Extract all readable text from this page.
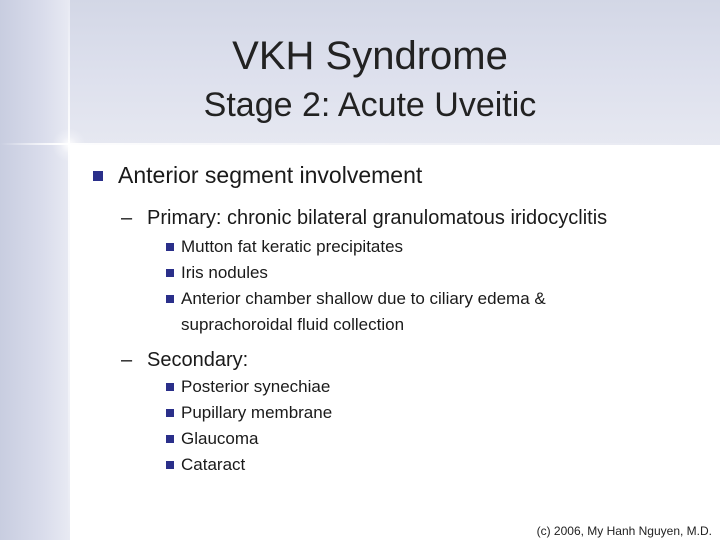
VKH Syndrome
Stage 2: Acute Uveitic
Anterior segment involvement
– Primary: chronic bilateral granulomatous iridocyclitis
Mutton fat keratic precipitates
Iris nodules
Anterior chamber shallow due to ciliary edema & suprachoroidal fluid collection
– Secondary:
Posterior synechiae
Pupillary membrane
Glaucoma
Cataract
(c) 2006, My Hanh Nguyen, M.D.
